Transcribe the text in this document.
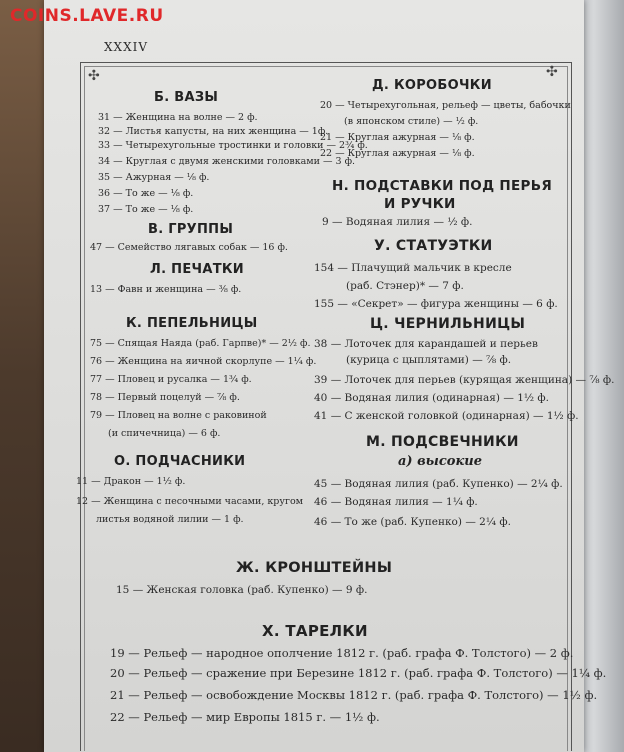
COINS.LAVE.RU
XXXIV
✣	✣
Б. ВАЗЫ
31 — Женщина на волне — 2 ф.
32 — Листья капусты, на них женщина — 1ф.
33 — Четырехугольные тростинки и головки — 2¾ ф.
34 — Круглая с двумя женскими головками — 3 ф.
35 — Ажурная — ⅛ ф.
36 — То же — ⅛ ф.
37 — То же — ⅛ ф.
В. ГРУППЫ
47 — Семейство лягавых собак — 16 ф.
Л. ПЕЧАТКИ
13 — Фавн и женщина — ⅜ ф.
К. ПЕПЕЛЬНИЦЫ
75 — Спящая Наяда (раб. Гарпве)* — 2½ ф.
76 — Женщина на яичной скорлупе — 1¼ ф.
77 — Пловец и русалка — 1¾ ф.
78 — Первый поцелуй — ⅞ ф.
79 — Пловец на волне с раковиной
(и спичечница) — 6 ф.
О. ПОДЧАСНИКИ
11 — Дракон — 1½ ф.
12 — Женщина с песочными часами, кругом
листья водяной лилии — 1 ф.
Д. КОРОБОЧКИ
20 — Четырехугольная, рельеф — цветы, бабочки
(в японском стиле) — ½ ф.
21 — Круглая ажурная — ⅛ ф.
22 — Круглая ажурная — ⅛ ф.
Н. ПОДСТАВКИ ПОД ПЕРЬЯ
И РУЧКИ
9 — Водяная лилия — ½ ф.
У. СТАТУЭТКИ
154 — Плачущий мальчик в кресле
(раб. Стэнер)* — 7 ф.
155 — «Секрет» — фигура женщины — 6 ф.
Ц. ЧЕРНИЛЬНИЦЫ
38 — Лоточек для карандашей и перьев
(курица с цыплятами) — ⅞ ф.
39 — Лоточек для перьев (курящая женщина) — ⅞ ф.
40 — Водяная лилия (одинарная) — 1½ ф.
41 — С женской головкой (одинарная) — 1½ ф.
М. ПОДСВЕЧНИКИ
а) высокие
45 — Водяная лилия (раб. Купенко) — 2¼ ф.
46 — Водяная лилия — 1¼ ф.
46 — То же (раб. Купенко) — 2¼ ф.
Ж. КРОНШТЕЙНЫ
15 — Женская головка (раб. Купенко) — 9 ф.
Х. ТАРЕЛКИ
19 — Рельеф — народное ополчение 1812 г. (раб. графа Ф. Толстого) — 2 ф.
20 — Рельеф — сражение при Березине 1812 г. (раб. графа Ф. Толстого) — 1¼ ф.
21 — Рельеф — освобождение Москвы 1812 г. (раб. графа Ф. Толстого) — 1½ ф.
22 — Рельеф — мир Европы 1815 г. — 1½ ф.
